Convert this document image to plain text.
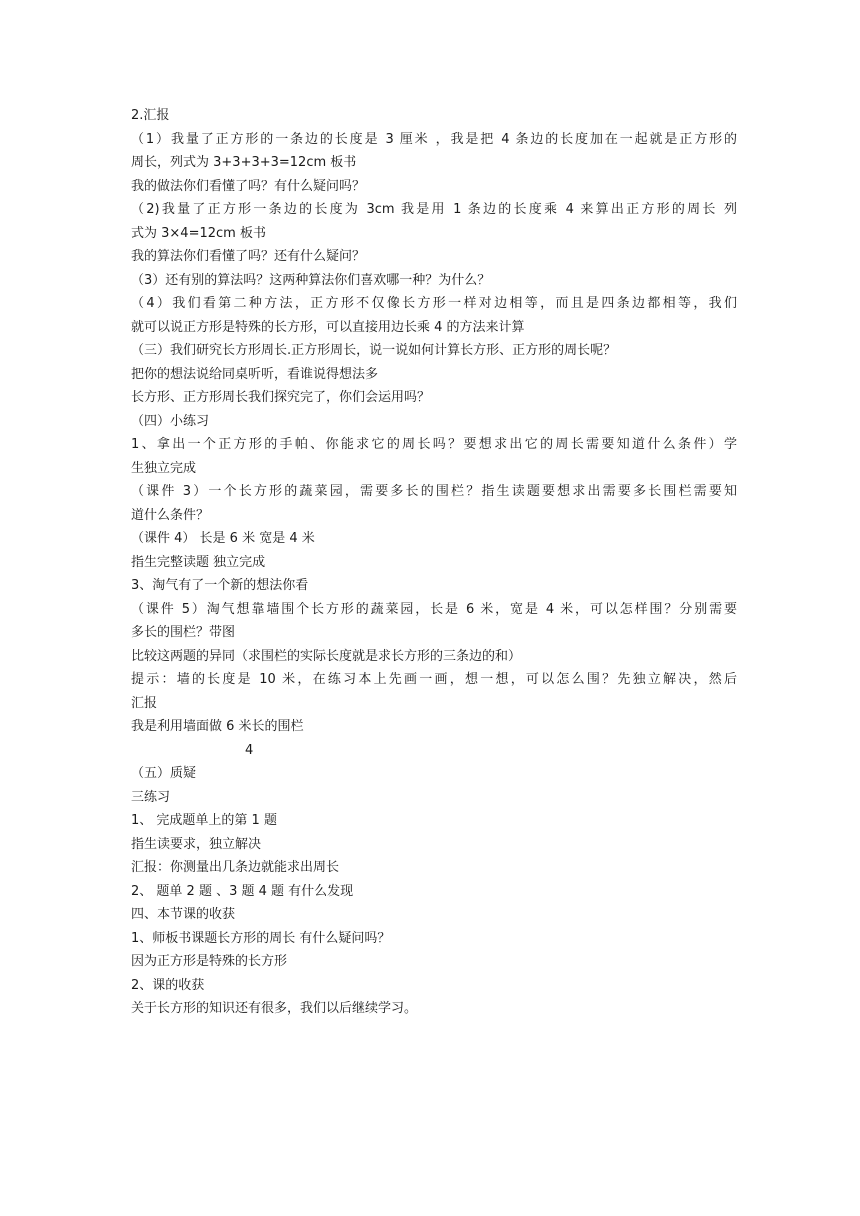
2.汇报
（1）我量了正方形的一条边的长度是 3 厘米 ，我是把 4 条边的长度加在一起就是正方形的
周长，列式为 3+3+3+3=12cm 板书
我的做法你们看懂了吗？有什么疑问吗？
（2)我量了正方形一条边的长度为 3cm 我是用 1 条边的长度乘 4 来算出正方形的周长 列
式为 3×4=12cm 板书
我的算法你们看懂了吗？还有什么疑问？
（3）还有别的算法吗？这两种算法你们喜欢哪一种？为什么？
（4）我们看第二种方法，正方形不仅像长方形一样对边相等，而且是四条边都相等，我们
就可以说正方形是特殊的长方形，可以直接用边长乘 4 的方法来计算
（三）我们研究长方形周长.正方形周长，说一说如何计算长方形、正方形的周长呢？
把你的想法说给同桌听听，看谁说得想法多
长方形、正方形周长我们探究完了，你们会运用吗？
（四）小练习
1、拿出一个正方形的手帕、你能求它的周长吗？要想求出它的周长需要知道什么条件）学
生独立完成
（课件 3）一个长方形的蔬菜园，需要多长的围栏？指生读题要想求出需要多长围栏需要知
道什么条件？
（课件 4） 长是 6 米 宽是 4 米
指生完整读题 独立完成
3、淘气有了一个新的想法你看
（课件 5）淘气想靠墙围个长方形的蔬菜园，长是 6 米，宽是 4 米，可以怎样围？分别需要
多长的围栏？带图
比较这两题的异同（求围栏的实际长度就是求长方形的三条边的和）
提示：墙的长度是 10 米，在练习本上先画一画，想一想，可以怎么围？先独立解决，然后
汇报
我是利用墙面做 6 米长的围栏
4
（五）质疑
三练习
1、 完成题单上的第 1 题
指生读要求，独立解决
汇报：你测量出几条边就能求出周长
2、 题单 2 题 、3 题 4 题 有什么发现
四、本节课的收获
1、师板书课题长方形的周长 有什么疑问吗？
因为正方形是特殊的长方形
2、课的收获
关于长方形的知识还有很多，我们以后继续学习。
